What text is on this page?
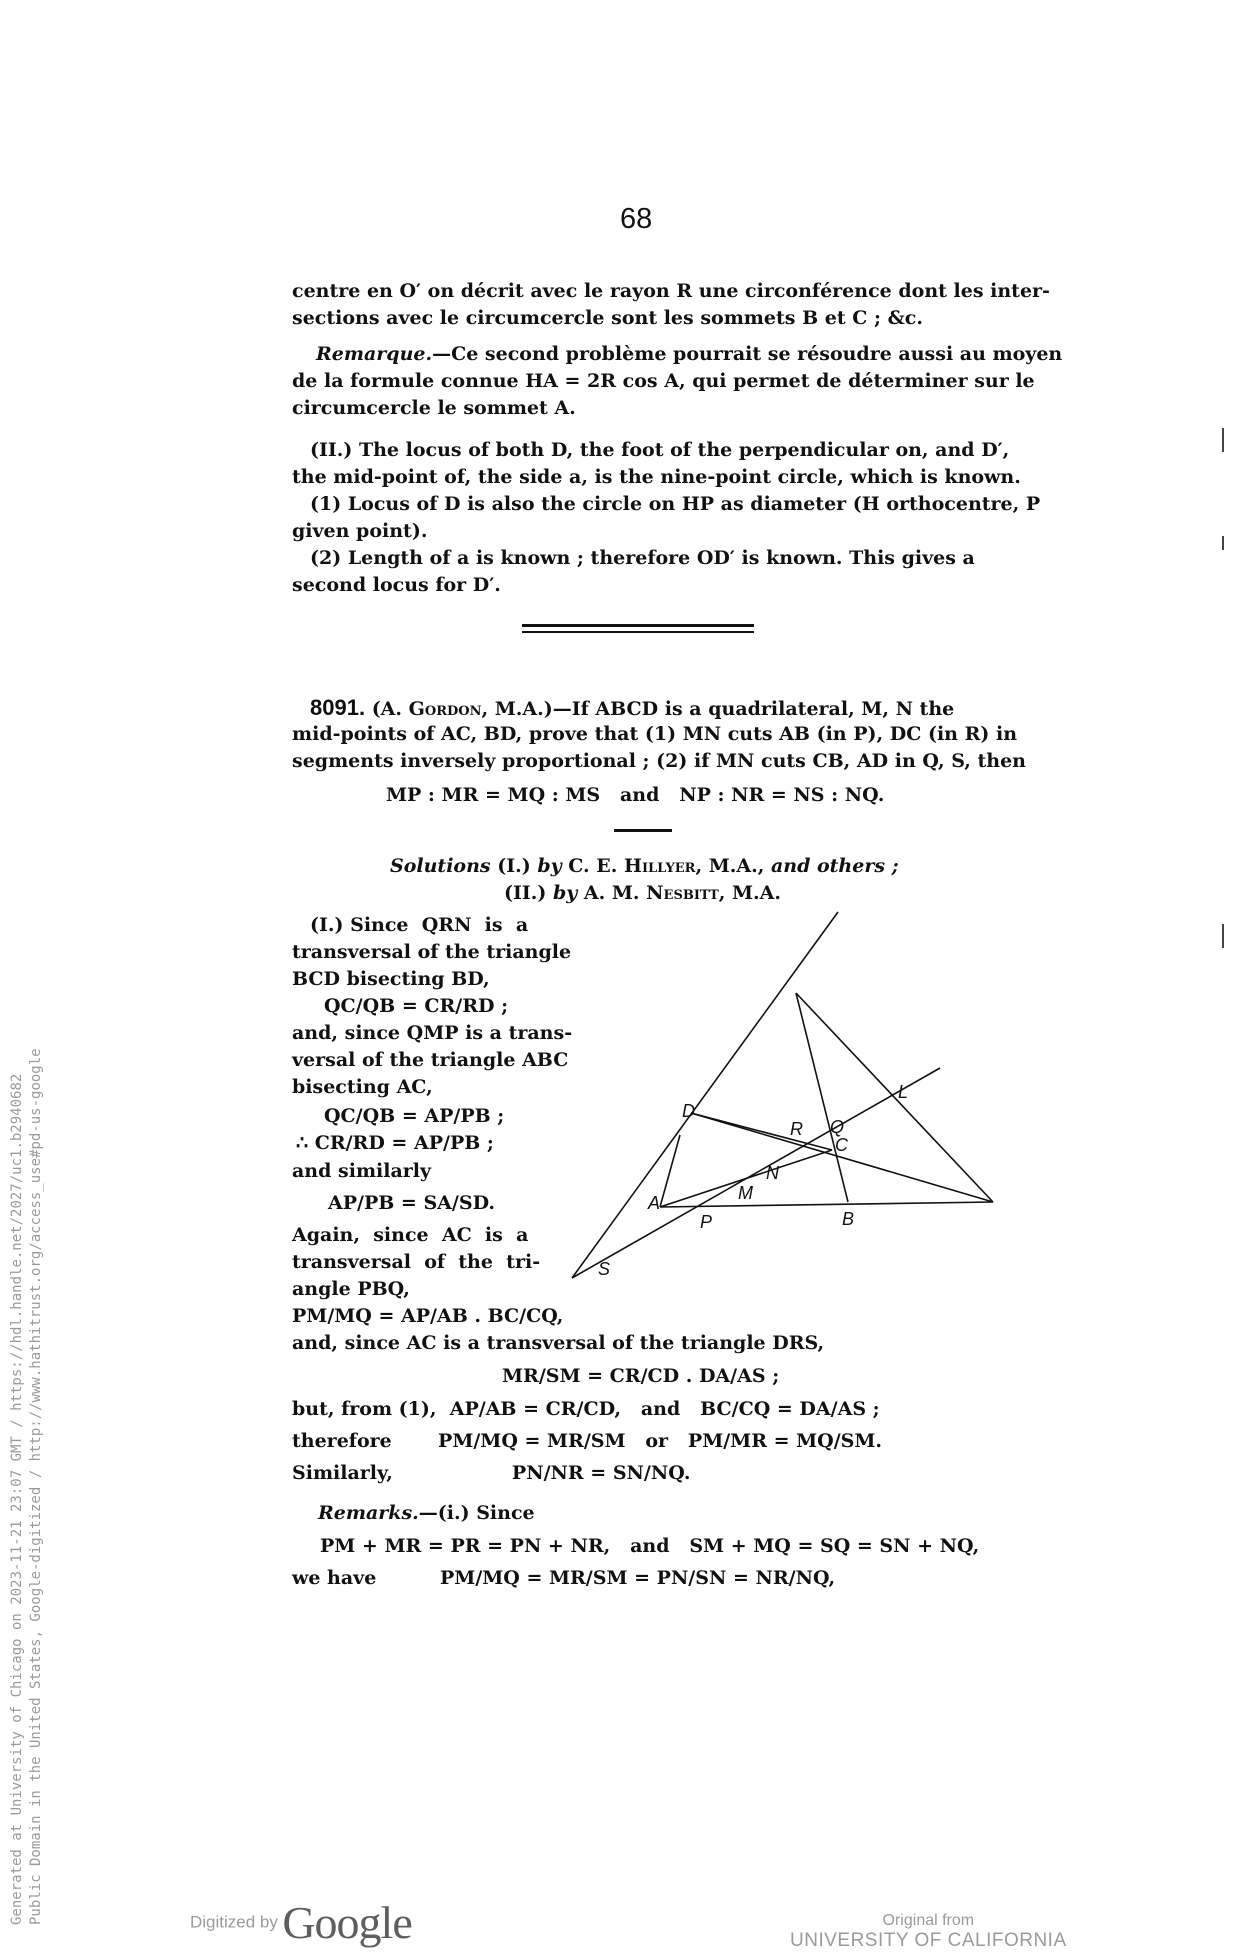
68
centre en O′ on décrit avec le rayon R une circonférence dont les inter-
sections avec le circumcercle sont les sommets B et C ; &c.
Remarque.—Ce second problème pourrait se résoudre aussi au moyen
de la formule connue HA = 2R cos A, qui permet de déterminer sur le
circumcercle le sommet A.
(II.) The locus of both D, the foot of the perpendicular on, and D′,
the mid-point of, the side a, is the nine-point circle, which is known.
(1) Locus of D is also the circle on HP as diameter (H orthocentre, P
given point).
(2) Length of a is known ; therefore OD′ is known. This gives a
second locus for D′.
8091. (A. Gordon, M.A.)—If ABCD is a quadrilateral, M, N the
mid-points of AC, BD, prove that (1) MN cuts AB (in P), DC (in R) in
segments inversely proportional ; (2) if MN cuts CB, AD in Q, S, then
MP : MR = MQ : MS   and   NP : NR = NS : NQ.
Solutions (I.) by C. E. Hillyer, M.A., and others ;
(II.) by A. M. Nesbitt, M.A.
(I.) Since  QRN  is  a
transversal of the triangle
BCD bisecting BD,
QC/QB = CR/RD ;
and, since QMP is a trans-
versal of the triangle ABC
bisecting AC,
QC/QB = AP/PB ;
∴ CR/RD = AP/PB ;
and similarly
AP/PB = SA/SD.
Again,  since  AC  is  a
transversal  of  the  tri-
angle PBQ,
PM/MQ = AP/AB . BC/CQ,
D
A
P	B
M
N
R Q
C
L
S
and, since AC is a transversal of the triangle DRS,
MR/SM = CR/CD . DA/AS ;
but, from (1),  AP/AB = CR/CD,   and   BC/CQ = DA/AS ;
therefore       PM/MQ = MR/SM   or   PM/MR = MQ/SM.
Similarly,                  PN/NR = SN/NQ.
Remarks.—(i.) Since
PM + MR = PR = PN + NR,   and   SM + MQ = SQ = SN + NQ,
we have	PM/MQ = MR/SM = PN/SN = NR/NQ,
Generated at University of Chicago on 2023-11-21 23:07 GMT / https://hdl.handle.net/2027/uc1.b2940682 Public Domain in the United States, Google-digitized / http://www.hathitrust.org/access_use#pd-us-google	Digitized by Google	Original from
UNIVERSITY OF CALIFORNIA
